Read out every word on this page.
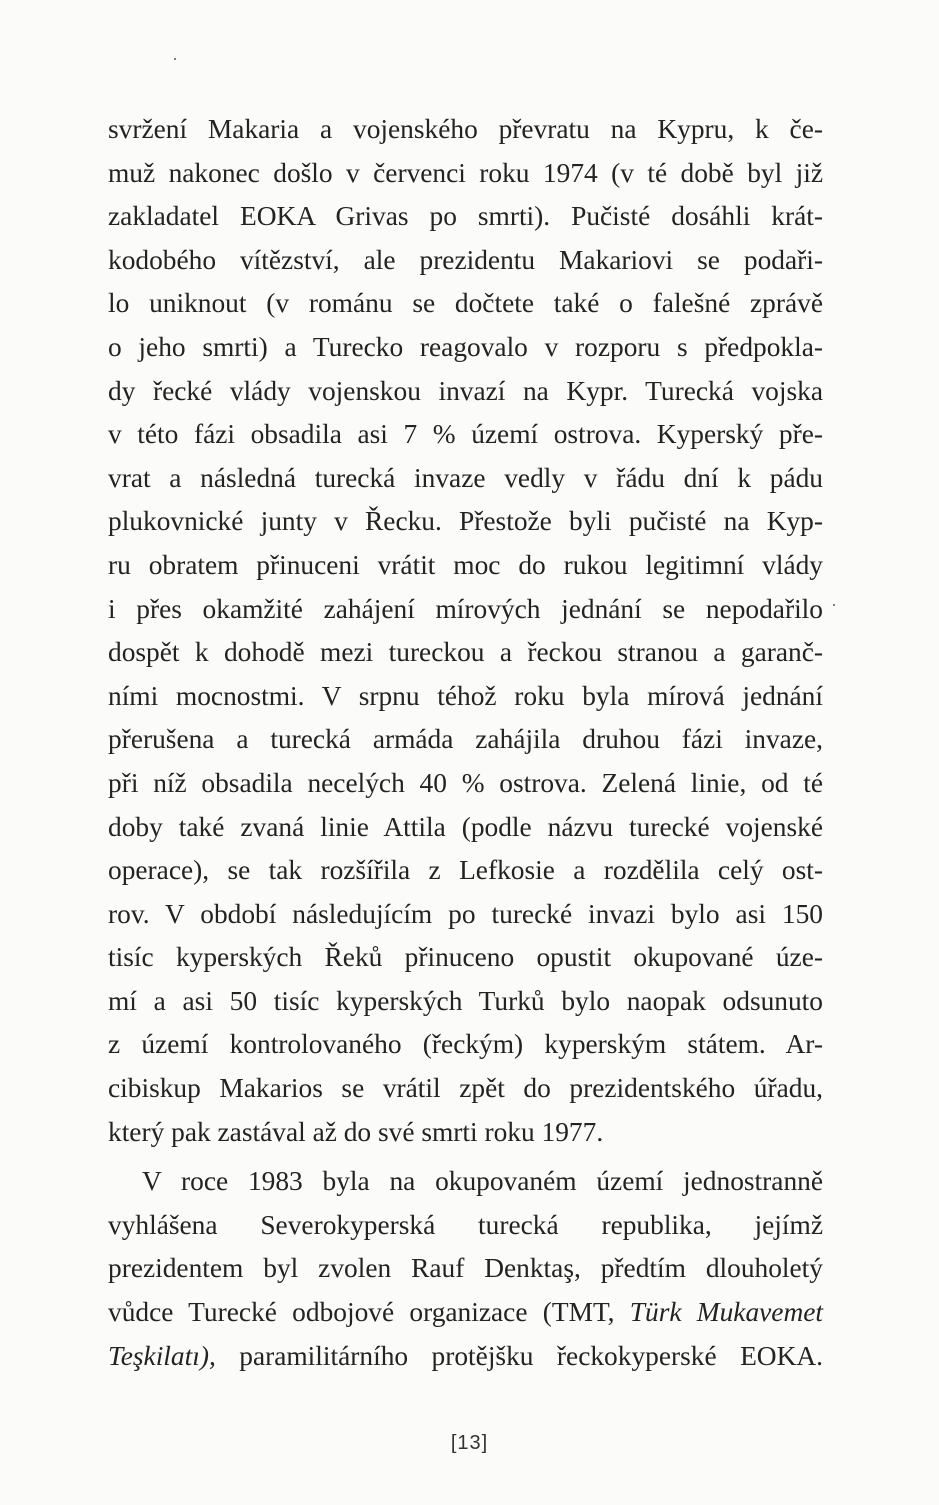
svržení Makaria a vojenského převratu na Kypru, k če-
muž nakonec došlo v červenci roku 1974 (v té době byl již
zakladatel EOKA Grivas po smrti). Pučisté dosáhli krát-
kodobého vítězství, ale prezidentu Makariovi se podaři-
lo uniknout (v románu se dočtete také o falešné zprávě
o jeho smrti) a Turecko reagovalo v rozporu s předpokla-
dy řecké vlády vojenskou invazí na Kypr. Turecká vojska
v této fázi obsadila asi 7 % území ostrova. Kyperský pře-
vrat a následná turecká invaze vedly v řádu dní k pádu
plukovnické junty v Řecku. Přestože byli pučisté na Kyp-
ru obratem přinuceni vrátit moc do rukou legitimní vlády
i přes okamžité zahájení mírových jednání se nepodařilo
dospět k dohodě mezi tureckou a řeckou stranou a garanč-
ními mocnostmi. V srpnu téhož roku byla mírová jednání
přerušena a turecká armáda zahájila druhou fázi invaze,
při níž obsadila necelých 40 % ostrova. Zelená linie, od té
doby také zvaná linie Attila (podle názvu turecké vojenské
operace), se tak rozšířila z Lefkosie a rozdělila celý ost-
rov. V období následujícím po turecké invazi bylo asi 150
tisíc kyperských Řeků přinuceno opustit okupované úze-
mí a asi 50 tisíc kyperských Turků bylo naopak odsunuto
z území kontrolovaného (řeckým) kyperským státem. Ar-
cibiskup Makarios se vrátil zpět do prezidentského úřadu,
který pak zastával až do své smrti roku 1977.
V roce 1983 byla na okupovaném území jednostranně
vyhlášena Severokyperská turecká republika, jejímž
prezidentem byl zvolen Rauf Denktaş, předtím dlouholetý
vůdce Turecké odbojové organizace (TMT, Türk Mukavemet
Teşkilatı), paramilitárního protějšku řeckokyperské EOKA.
[13]
